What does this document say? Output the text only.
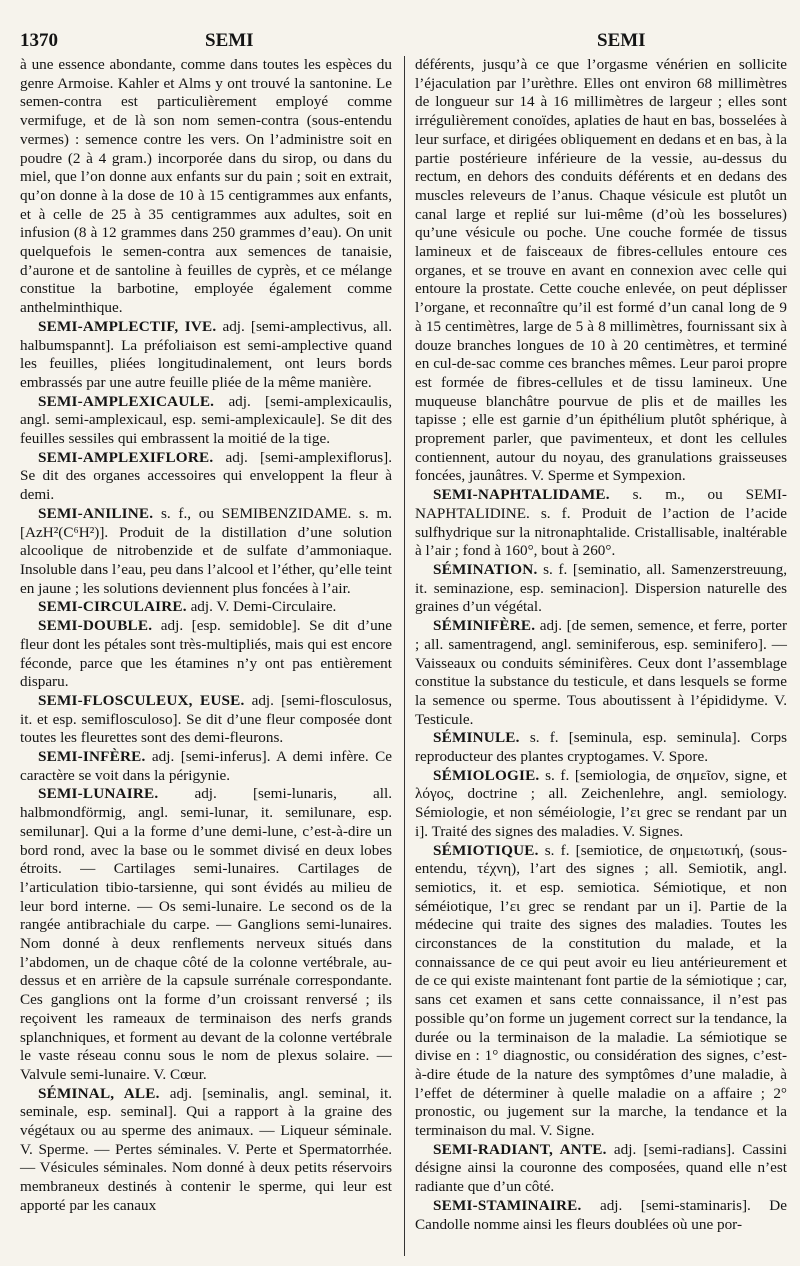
1370	SEMI	SEMI

à une essence abondante, comme dans toutes les espèces du genre Armoise. Kahler et Alms y ont trouvé la santonine. Le semen-contra est particulièrement employé comme vermifuge, et de là son nom semen-contra (sous-entendu vermes) : semence contre les vers. On l’administre soit en poudre (2 à 4 gram.) incorporée dans du sirop, ou dans du miel, que l’on donne aux enfants sur du pain ; soit en extrait, qu’on donne à la dose de 10 à 15 centigrammes aux enfants, et à celle de 25 à 35 centigrammes aux adultes, soit en infusion (8 à 12 grammes dans 250 grammes d’eau). On unit quelquefois le semen-contra aux semences de tanaisie, d’aurone et de santoline à feuilles de cyprès, et ce mélange constitue la barbotine, employée également comme anthelminthique.

SEMI-AMPLECTIF, IVE. adj. [semi-amplectivus, all. halbumspannt]. La préfoliaison est semi-amplective quand les feuilles, pliées longitudinalement, ont leurs bords embrassés par une autre feuille pliée de la même manière.

SEMI-AMPLEXICAULE. adj. [semi-amplexicaulis, angl. semi-amplexicaul, esp. semi-amplexicaule]. Se dit des feuilles sessiles qui embrassent la moitié de la tige.

SEMI-AMPLEXIFLORE. adj. [semi-amplexiflorus]. Se dit des organes accessoires qui enveloppent la fleur à demi.

SEMI-ANILINE. s. f., ou SEMIBENZIDAME. s. m. [AzH²(C⁶H²)]. Produit de la distillation d’une solution alcoolique de nitrobenzide et de sulfate d’ammoniaque. Insoluble dans l’eau, peu dans l’alcool et l’éther, qu’elle teint en jaune ; les solutions deviennent plus foncées à l’air.

SEMI-CIRCULAIRE. adj. V. Demi-Circulaire.

SEMI-DOUBLE. adj. [esp. semidoble]. Se dit d’une fleur dont les pétales sont très-multipliés, mais qui est encore féconde, parce que les étamines n’y ont pas entièrement disparu.

SEMI-FLOSCULEUX, EUSE. adj. [semi-flosculosus, it. et esp. semiflosculoso]. Se dit d’une fleur composée dont toutes les fleurettes sont des demi-fleurons.

SEMI-INFÈRE. adj. [semi-inferus]. A demi infère. Ce caractère se voit dans la périgynie.

SEMI-LUNAIRE. adj. [semi-lunaris, all. halbmondförmig, angl. semi-lunar, it. semilunare, esp. semilunar]. Qui a la forme d’une demi-lune, c’est-à-dire un bord rond, avec la base ou le sommet divisé en deux lobes étroits. — Cartilages semi-lunaires. Cartilages de l’articulation tibio-tarsienne, qui sont évidés au milieu de leur bord interne. — Os semi-lunaire. Le second os de la rangée antibrachiale du carpe. — Ganglions semi-lunaires. Nom donné à deux renflements nerveux situés dans l’abdomen, un de chaque côté de la colonne vertébrale, au-dessus et en arrière de la capsule surrénale correspondante. Ces ganglions ont la forme d’un croissant renversé ; ils reçoivent les rameaux de terminaison des nerfs grands splanchniques, et forment au devant de la colonne vertébrale le vaste réseau connu sous le nom de plexus solaire. — Valvule semi-lunaire. V. Cœur.

SÉMINAL, ALE. adj. [seminalis, angl. seminal, it. seminale, esp. seminal]. Qui a rapport à la graine des végétaux ou au sperme des animaux. — Liqueur séminale. V. Sperme. — Pertes séminales. V. Perte et Spermatorrhée. — Vésicules séminales. Nom donné à deux petits réservoirs membraneux destinés à contenir le sperme, qui leur est apporté par les canaux

déférents, jusqu’à ce que l’orgasme vénérien en sollicite l’éjaculation par l’urèthre. Elles ont environ 68 millimètres de longueur sur 14 à 16 millimètres de largeur ; elles sont irrégulièrement conoïdes, aplaties de haut en bas, bosselées à leur surface, et dirigées obliquement en dedans et en bas, à la partie postérieure inférieure de la vessie, au-dessus du rectum, en dehors des conduits déférents et en dedans des muscles releveurs de l’anus. Chaque vésicule est plutôt un canal large et replié sur lui-même (d’où les bosselures) qu’une vésicule ou poche. Une couche formée de tissus lamineux et de faisceaux de fibres-cellules entoure ces organes, et se trouve en avant en connexion avec celle qui entoure la prostate. Cette couche enlevée, on peut déplisser l’organe, et reconnaître qu’il est formé d’un canal long de 9 à 15 centimètres, large de 5 à 8 millimètres, fournissant six à douze branches longues de 10 à 20 centimètres, et terminé en cul-de-sac comme ces branches mêmes. Leur paroi propre est formée de fibres-cellules et de tissu lamineux. Une muqueuse blanchâtre pourvue de plis et de mailles les tapisse ; elle est garnie d’un épithélium plutôt sphérique, à proprement parler, que pavimenteux, et dont les cellules contiennent, autour du noyau, des granulations graisseuses foncées, jaunâtres. V. Sperme et Sympexion.

SEMI-NAPHTALIDAME. s. m., ou SEMI-NAPHTALIDINE. s. f. Produit de l’action de l’acide sulfhydrique sur la nitronaphtalide. Cristallisable, inaltérable à l’air ; fond à 160°, bout à 260°.

SÉMINATION. s. f. [seminatio, all. Samenzerstreuung, it. seminazione, esp. seminacion]. Dispersion naturelle des graines d’un végétal.

SÉMINIFÈRE. adj. [de semen, semence, et ferre, porter ; all. samentragend, angl. seminiferous, esp. seminifero]. — Vaisseaux ou conduits séminifères. Ceux dont l’assemblage constitue la substance du testicule, et dans lesquels se forme la semence ou sperme. Tous aboutissent à l’épididyme. V. Testicule.

SÉMINULE. s. f. [seminula, esp. seminula]. Corps reproducteur des plantes cryptogames. V. Spore.

SÉMIOLOGIE. s. f. [semiologia, de σημεῖον, signe, et λόγος, doctrine ; all. Zeichenlehre, angl. semiology. Sémiologie, et non séméiologie, l’ει grec se rendant par un i]. Traité des signes des maladies. V. Signes.

SÉMIOTIQUE. s. f. [semiotice, de σημειωτική, (sous-entendu, τέχνη), l’art des signes ; all. Semiotik, angl. semiotics, it. et esp. semiotica. Sémiotique, et non séméiotique, l’ει grec se rendant par un i]. Partie de la médecine qui traite des signes des maladies. Toutes les circonstances de la constitution du malade, et la connaissance de ce qui peut avoir eu lieu antérieurement et de ce qui existe maintenant font partie de la sémiotique ; car, sans cet examen et sans cette connaissance, il n’est pas possible qu’on forme un jugement correct sur la tendance, la durée ou la terminaison de la maladie. La sémiotique se divise en : 1° diagnostic, ou considération des signes, c’est-à-dire étude de la nature des symptômes d’une maladie, à l’effet de déterminer à quelle maladie on a affaire ; 2° pronostic, ou jugement sur la marche, la tendance et la terminaison du mal. V. Signe.

SEMI-RADIANT, ANTE. adj. [semi-radians]. Cassini désigne ainsi la couronne des composées, quand elle n’est radiante que d’un côté.

SEMI-STAMINAIRE. adj. [semi-staminaris]. De Candolle nomme ainsi les fleurs doublées où une por-
